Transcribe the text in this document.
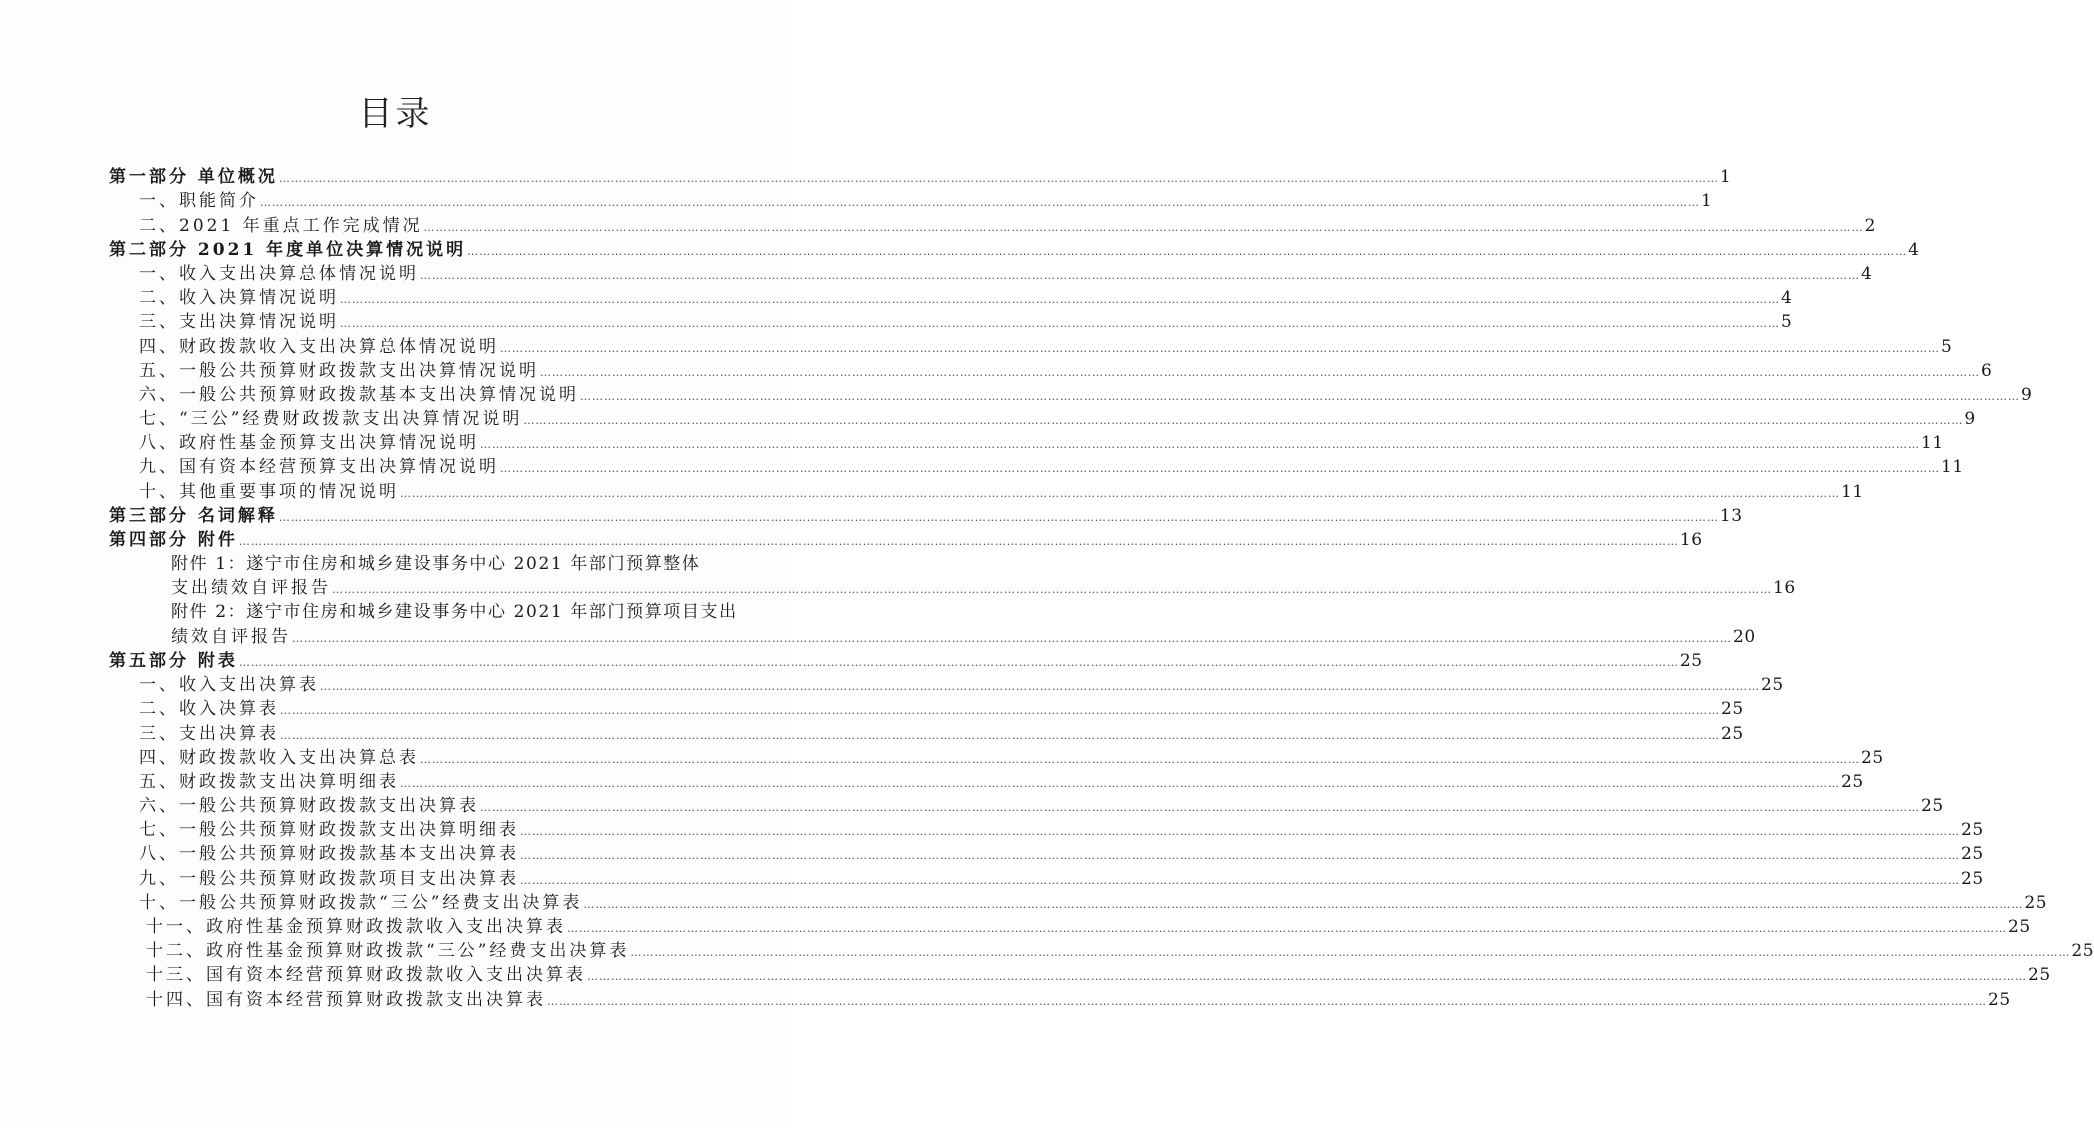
目录
第一部分 单位概况 ……………………………………………………………………………………………………………………………………………………………………………………………………………………………………………………………………………………………………………………………… 1
一、职能简介 ……………………………………………………………………………………………………………………………………………………………………………………………………………………………………………………………………………………………………………………………… 1
二、2021 年重点工作完成情况 ……………………………………………………………………………………………………………………………………………………………………………………………………………………………………………………………………………………………………………………………… 2
第二部分 2021 年度单位决算情况说明 ……………………………………………………………………………………………………………………………………………………………………………………………………………………………………………………………………………………………………………………………… 4
一、收入支出决算总体情况说明 ……………………………………………………………………………………………………………………………………………………………………………………………………………………………………………………………………………………………………………………………… 4
二、收入决算情况说明 ……………………………………………………………………………………………………………………………………………………………………………………………………………………………………………………………………………………………………………………………… 4
三、支出决算情况说明 ……………………………………………………………………………………………………………………………………………………………………………………………………………………………………………………………………………………………………………………………… 5
四、财政拨款收入支出决算总体情况说明 ……………………………………………………………………………………………………………………………………………………………………………………………………………………………………………………………………………………………………………………………… 5
五、一般公共预算财政拨款支出决算情况说明 ……………………………………………………………………………………………………………………………………………………………………………………………………………………………………………………………………………………………………………………………… 6
六、一般公共预算财政拨款基本支出决算情况说明 ……………………………………………………………………………………………………………………………………………………………………………………………………………………………………………………………………………………………………………………………… 9
七、“三公”经费财政拨款支出决算情况说明 ……………………………………………………………………………………………………………………………………………………………………………………………………………………………………………………………………………………………………………………………… 9
八、政府性基金预算支出决算情况说明 ……………………………………………………………………………………………………………………………………………………………………………………………………………………………………………………………………………………………………………………………… 11
九、国有资本经营预算支出决算情况说明 ……………………………………………………………………………………………………………………………………………………………………………………………………………………………………………………………………………………………………………………………… 11
十、其他重要事项的情况说明 ……………………………………………………………………………………………………………………………………………………………………………………………………………………………………………………………………………………………………………………………… 11
第三部分 名词解释 ……………………………………………………………………………………………………………………………………………………………………………………………………………………………………………………………………………………………………………………………… 13
第四部分 附件 ……………………………………………………………………………………………………………………………………………………………………………………………………………………………………………………………………………………………………………………………… 16
附件 1：遂宁市住房和城乡建设事务中心 2021 年部门预算整体
支出绩效自评报告 ……………………………………………………………………………………………………………………………………………………………………………………………………………………………………………………………………………………………………………………………… 16
附件 2：遂宁市住房和城乡建设事务中心 2021 年部门预算项目支出
绩效自评报告 ……………………………………………………………………………………………………………………………………………………………………………………………………………………………………………………………………………………………………………………………… 20
第五部分 附表 ……………………………………………………………………………………………………………………………………………………………………………………………………………………………………………………………………………………………………………………………… 25
一、收入支出决算表 ……………………………………………………………………………………………………………………………………………………………………………………………………………………………………………………………………………………………………………………………… 25
二、收入决算表 ……………………………………………………………………………………………………………………………………………………………………………………………………………………………………………………………………………………………………………………………… 25
三、支出决算表 ……………………………………………………………………………………………………………………………………………………………………………………………………………………………………………………………………………………………………………………………… 25
四、财政拨款收入支出决算总表 ……………………………………………………………………………………………………………………………………………………………………………………………………………………………………………………………………………………………………………………………… 25
五、财政拨款支出决算明细表 ……………………………………………………………………………………………………………………………………………………………………………………………………………………………………………………………………………………………………………………………… 25
六、一般公共预算财政拨款支出决算表 ……………………………………………………………………………………………………………………………………………………………………………………………………………………………………………………………………………………………………………………………… 25
七、一般公共预算财政拨款支出决算明细表 ……………………………………………………………………………………………………………………………………………………………………………………………………………………………………………………………………………………………………………………………… 25
八、一般公共预算财政拨款基本支出决算表 ……………………………………………………………………………………………………………………………………………………………………………………………………………………………………………………………………………………………………………………………… 25
九、一般公共预算财政拨款项目支出决算表 ……………………………………………………………………………………………………………………………………………………………………………………………………………………………………………………………………………………………………………………………… 25
十、一般公共预算财政拨款“三公”经费支出决算表 ……………………………………………………………………………………………………………………………………………………………………………………………………………………………………………………………………………………………………………………………… 25
十一、政府性基金预算财政拨款收入支出决算表 ……………………………………………………………………………………………………………………………………………………………………………………………………………………………………………………………………………………………………………………………… 25
十二、政府性基金预算财政拨款“三公”经费支出决算表 ……………………………………………………………………………………………………………………………………………………………………………………………………………………………………………………………………………………………………………………………… 25
十三、国有资本经营预算财政拨款收入支出决算表 ……………………………………………………………………………………………………………………………………………………………………………………………………………………………………………………………………………………………………………………………… 25
十四、国有资本经营预算财政拨款支出决算表 ……………………………………………………………………………………………………………………………………………………………………………………………………………………………………………………………………………………………………………………………… 25
